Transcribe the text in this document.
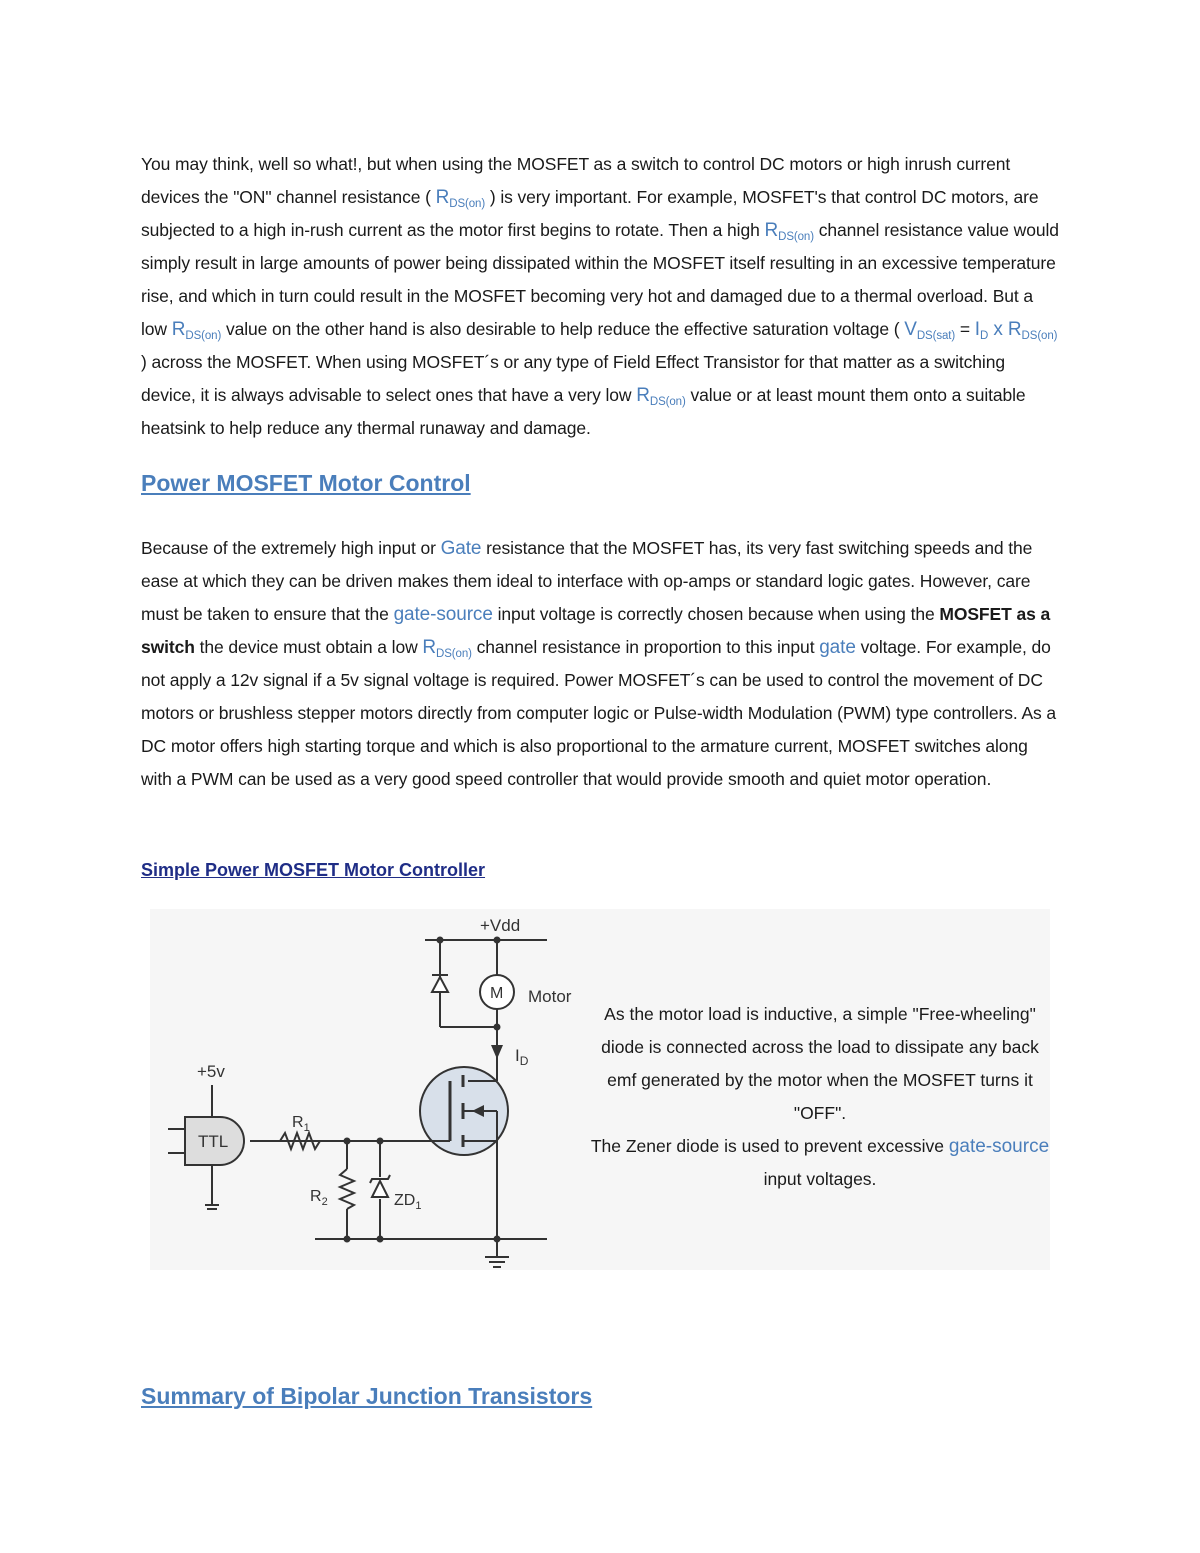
You may think, well so what!, but when using the MOSFET as a switch to control DC motors or high inrush current devices the "ON" channel resistance ( $R_{DS(on)}$ ) is very important. For example, MOSFET's that control DC motors, are subjected to a high in-rush current as the motor first begins to rotate. Then a high $R_{DS(on)}$ channel resistance value would simply result in large amounts of power being dissipated within the MOSFET itself resulting in an excessive temperature rise, and which in turn could result in the MOSFET becoming very hot and damaged due to a thermal overload. But a low $R_{DS(on)}$ value on the other hand is also desirable to help reduce the effective saturation voltage ( $V_{DS(sat)} = I_D$ x $R_{DS(on)}$ ) across the MOSFET. When using MOSFET´s or any type of Field Effect Transistor for that matter as a switching device, it is always advisable to select ones that have a very low $R_{DS(on)}$ value or at least mount them onto a suitable heatsink to help reduce any thermal runaway and damage.

Power MOSFET Motor Control

Because of the extremely high input or Gate resistance that the MOSFET has, its very fast switching speeds and the ease at which they can be driven makes them ideal to interface with op-amps or standard logic gates. However, care must be taken to ensure that the gate-source input voltage is correctly chosen because when using the MOSFET as a switch the device must obtain a low $R_{DS(on)}$ channel resistance in proportion to this input gate voltage. For example, do not apply a 12v signal if a 5v signal voltage is required. Power MOSFET´s can be used to control the movement of DC motors or brushless stepper motors directly from computer logic or Pulse-width Modulation (PWM) type controllers. As a DC motor offers high starting torque and which is also proportional to the armature current, MOSFET switches along with a PWM can be used as a very good speed controller that would provide smooth and quiet motor operation.

Simple Power MOSFET Motor Controller
+Vdd
M Motor
$I_D$
+5v
TTL
$R_1$
$R_2$	$ZD_1$

As the motor load is inductive, a simple "Free-wheeling" diode is connected across the load to dissipate any back emf generated by the motor when the MOSFET turns it "OFF".
The Zener diode is used to prevent excessive gate-source input voltages.

Summary of Bipolar Junction Transistors
